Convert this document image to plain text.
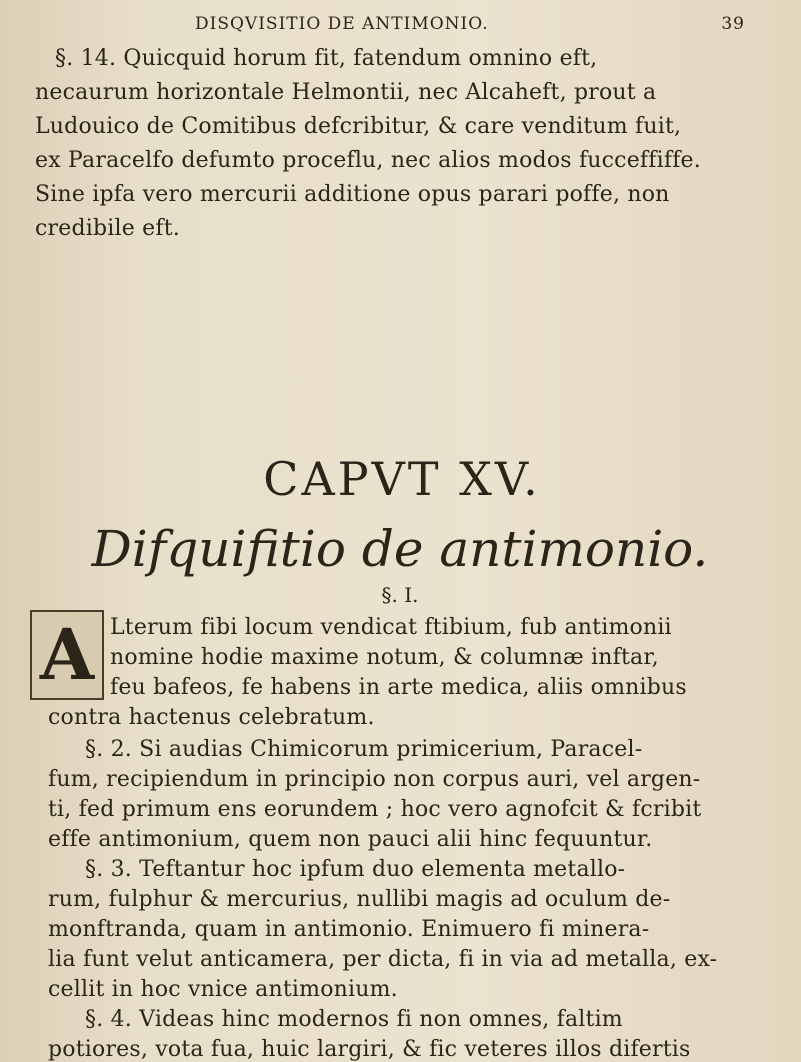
DISQVISITIO DE ANTIMONIO.	39
§. 14. Quicquid horum fit, fatendum omnino eft,
necaurum horizontale Helmontii, nec Alcaheft, prout a
Ludouico de Comitibus defcribitur, & care venditum fuit,
ex Paracelfo defumto proceflu, nec alios modos fucceffiffe.
Sine ipfa vero mercurii additione opus parari poffe, non
credibile eft.
CAPVT XV.
Difquifitio de antimonio.
§. I.
A Lterum fibi locum vendicat ftibium, fub antimonii
nomine hodie maxime notum, & columnæ inftar,
feu bafeos, fe habens in arte medica, aliis omnibus
contra hactenus celebratum.
§. 2. Si audias Chimicorum primicerium, Paracel-
fum, recipiendum in principio non corpus auri, vel argen-
ti, fed primum ens eorundem ; hoc vero agnofcit & fcribit
effe antimonium, quem non pauci alii hinc fequuntur.
§. 3. Teftantur hoc ipfum duo elementa metallo-
rum, fulphur & mercurius, nullibi magis ad oculum de-
monftranda, quam in antimonio. Enimuero fi minera-
lia funt velut anticamera, per dicta, fi in via ad metalla, ex-
cellit in hoc vnice antimonium.
§. 4. Videas hinc modernos fi non omnes, faltim
potiores, vota fua, huic largiri, & fic veteres illos difertis
